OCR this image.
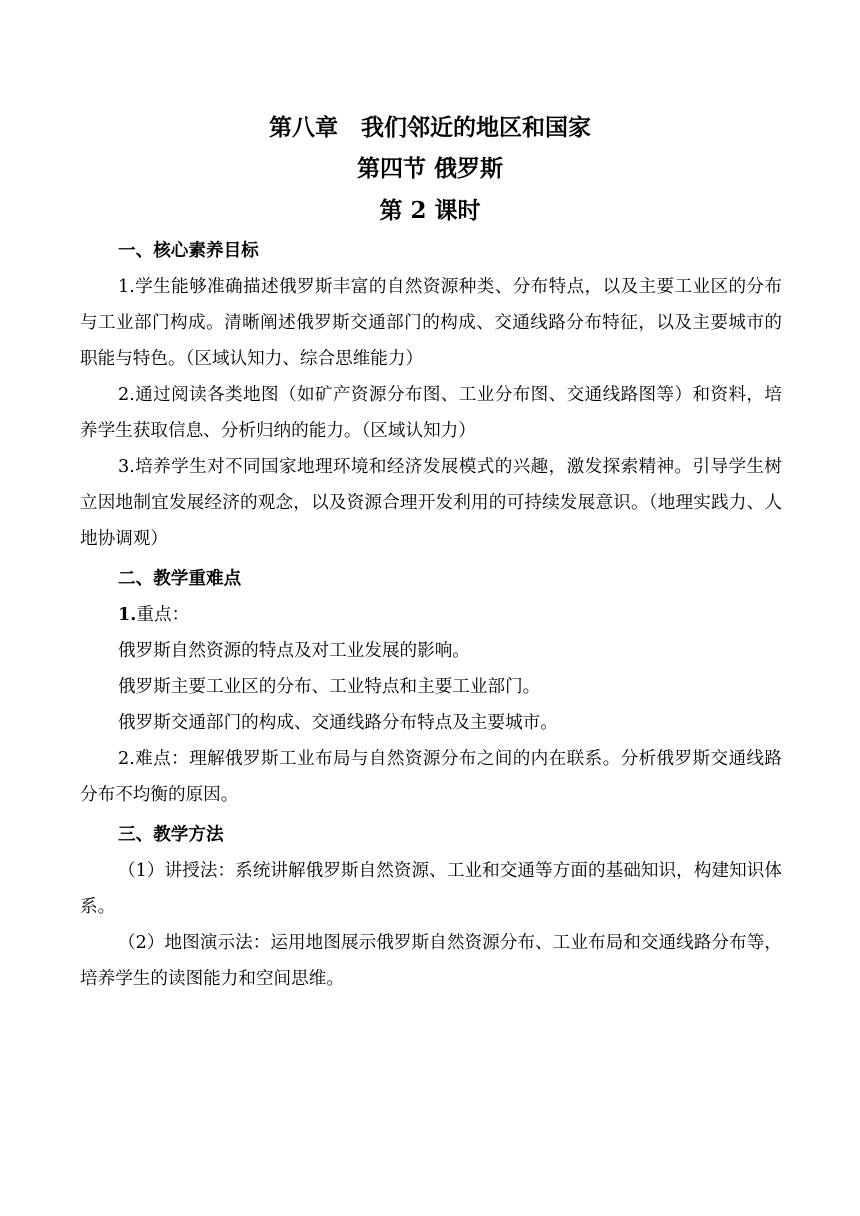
第八章　我们邻近的地区和国家
第四节 俄罗斯
第 2 课时
一、核心素养目标
1.学生能够准确描述俄罗斯丰富的自然资源种类、分布特点，以及主要工业区的分布与工业部门构成。清晰阐述俄罗斯交通部门的构成、交通线路分布特征，以及主要城市的职能与特色。（区域认知力、综合思维能力）
2.通过阅读各类地图（如矿产资源分布图、工业分布图、交通线路图等）和资料，培养学生获取信息、分析归纳的能力。（区域认知力）
3.培养学生对不同国家地理环境和经济发展模式的兴趣，激发探索精神。引导学生树立因地制宜发展经济的观念，以及资源合理开发利用的可持续发展意识。（地理实践力、人地协调观）
二、教学重难点
1.重点：
俄罗斯自然资源的特点及对工业发展的影响。
俄罗斯主要工业区的分布、工业特点和主要工业部门。
俄罗斯交通部门的构成、交通线路分布特点及主要城市。
2.难点：理解俄罗斯工业布局与自然资源分布之间的内在联系。分析俄罗斯交通线路分布不均衡的原因。
三、教学方法
（1）讲授法：系统讲解俄罗斯自然资源、工业和交通等方面的基础知识，构建知识体系。
（2）地图演示法：运用地图展示俄罗斯自然资源分布、工业布局和交通线路分布等，培养学生的读图能力和空间思维。
